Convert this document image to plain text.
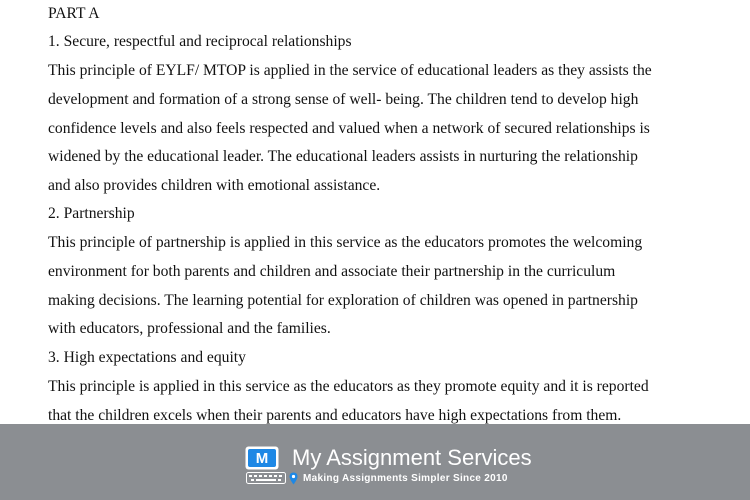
PART A

1. Secure, respectful and reciprocal relationships

This principle of EYLF/ MTOP is applied in the service of educational leaders as they assists the

development and formation of a strong sense of well- being. The children tend to develop high

confidence levels and also feels respected and valued when a network of secured relationships is

widened by the educational leader. The educational leaders assists in nurturing the relationship

and also provides children with emotional assistance.

2. Partnership

This principle of partnership is applied in this service as the educators promotes the welcoming

environment for both parents and children and associate their partnership in the curriculum

making decisions. The learning potential for exploration of children was opened in partnership

with educators, professional and the families.

3. High expectations and equity

This principle is applied in this service as the educators as they promote equity and it is reported

that the children excels when their parents and educators have high expectations from them.

M My Assignment Services
Making Assignments Simpler Since 2010
